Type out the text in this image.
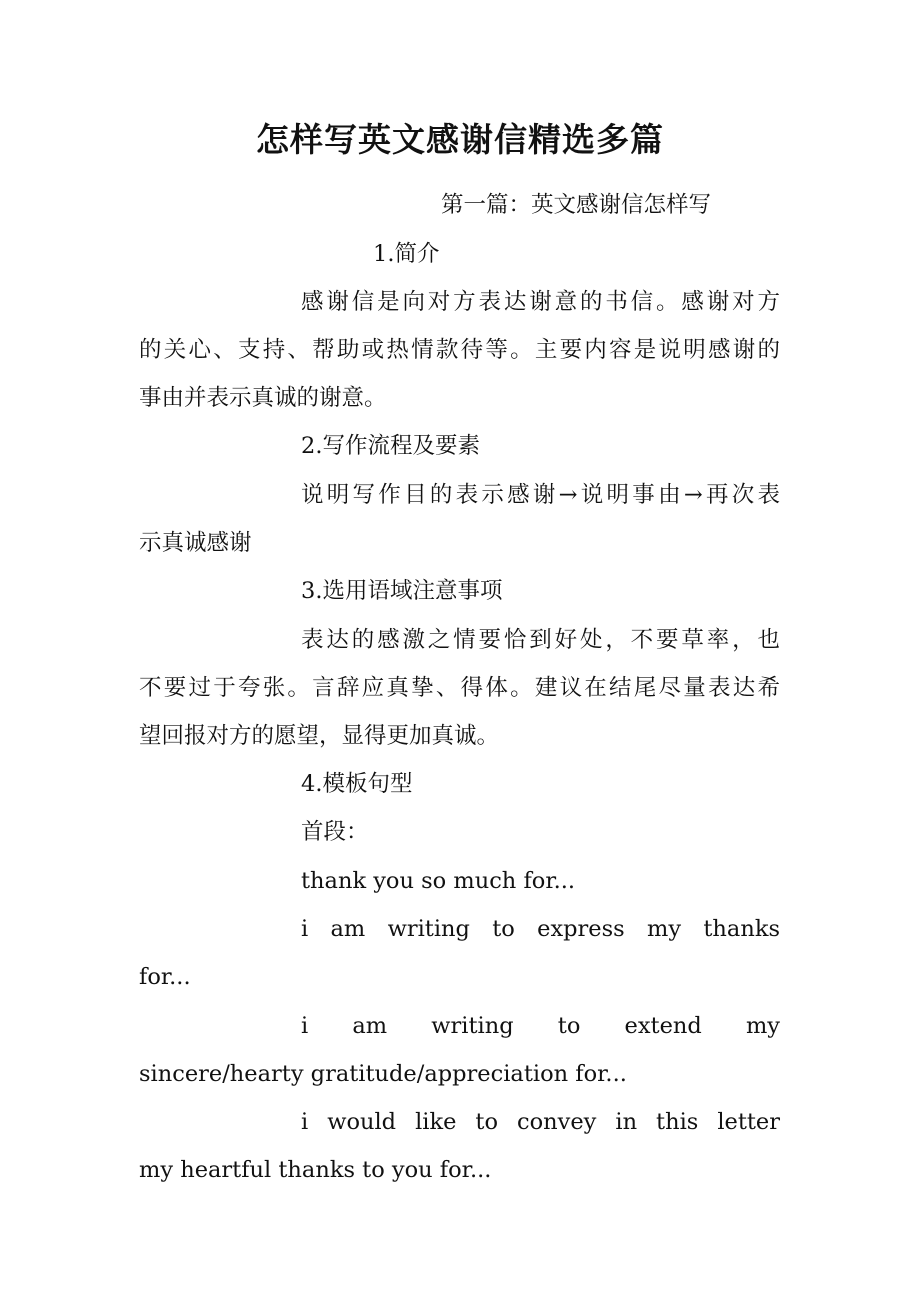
怎样写英文感谢信精选多篇

第一篇：英文感谢信怎样写

1.简介

感谢信是向对方表达谢意的书信。感谢对方

的关心、支持、帮助或热情款待等。主要内容是说明感谢的

事由并表示真诚的谢意。

2.写作流程及要素

说明写作目的表示感谢→说明事由→再次表

示真诚感谢

3.选用语域注意事项

表达的感激之情要恰到好处，不要草率，也

不要过于夸张。言辞应真挚、得体。建议在结尾尽量表达希

望回报对方的愿望，显得更加真诚。

4.模板句型

首段：

thank you so much for...

i am writing to express my thanks

for...

i am writing to extend my

sincere/hearty gratitude/appreciation for...

i would like to convey in this letter

my heartful thanks to you for...
